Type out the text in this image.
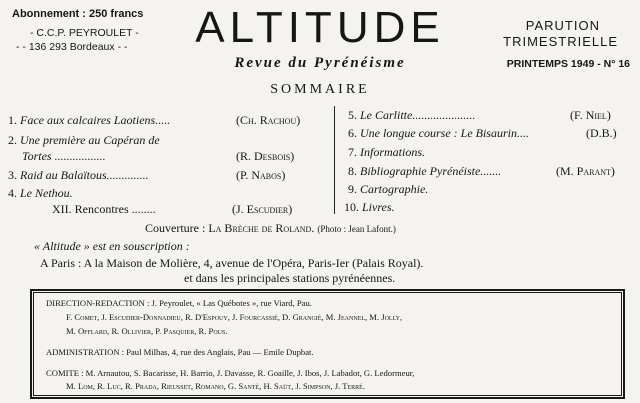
Abonnement : 250 francs
- C.C.P. PEYROULET -
- - 136 293 Bordeaux - -	ALTITUDE
Revue du Pyrénéisme
PARUTION
TRIMESTRIELLE
PRINTEMPS 1949 - N° 16
SOMMAIRE
1. Face aux calcaires Laotiens.....	(Ch. Rachou)
2. Une première au Capéran de
Tortes .................	(R. Desbois)
3. Raid au Balaïtous..............	(P. Nabos)
4. Le Nethou.
XII. Rencontres ........	(J. Escudier)
5. Le Carlitte.....................	(F. Niel)
6. Une longue course : Le Bisaurin....	(D.B.)
7. Informations.
8. Bibliographie Pyrénéiste.......	(M. Parant)
9. Cartographie.
10. Livres.
Couverture : La Brèche de Roland. (Photo : Jean Lafont.)
« Altitude » est en souscription :
A Paris : A la Maison de Molière, 4, avenue de l'Opéra, Paris-Ier (Palais Royal).
et dans les principales stations pyrénéennes.
DIRECTION-REDACTION : J. Peyroulet, « Las Québotes », rue Viard, Pau.
F. Comet, J. Escudier-Donnadieu, R. D'Espouy, J. Fourcassié, D. Grangié, M. Jeannel, M. Jolly,
M. Offlard, R. Ollivier, P. Pasquier, R. Pous.
ADMINISTRATION : Paul Milhas, 4, rue des Anglais, Pau — Emile Dupbat.
COMITE : M. Arnautou, S. Bacarisse, H. Barrio, J. Davasse, R. Goaille, J. Ibos, J. Labadot, G. Ledormeur,
M. Lom, R. Luc, R. Prada, Rieusset, Romano, G. Santé, H. Saüt, J. Simpson, J. Terré.
